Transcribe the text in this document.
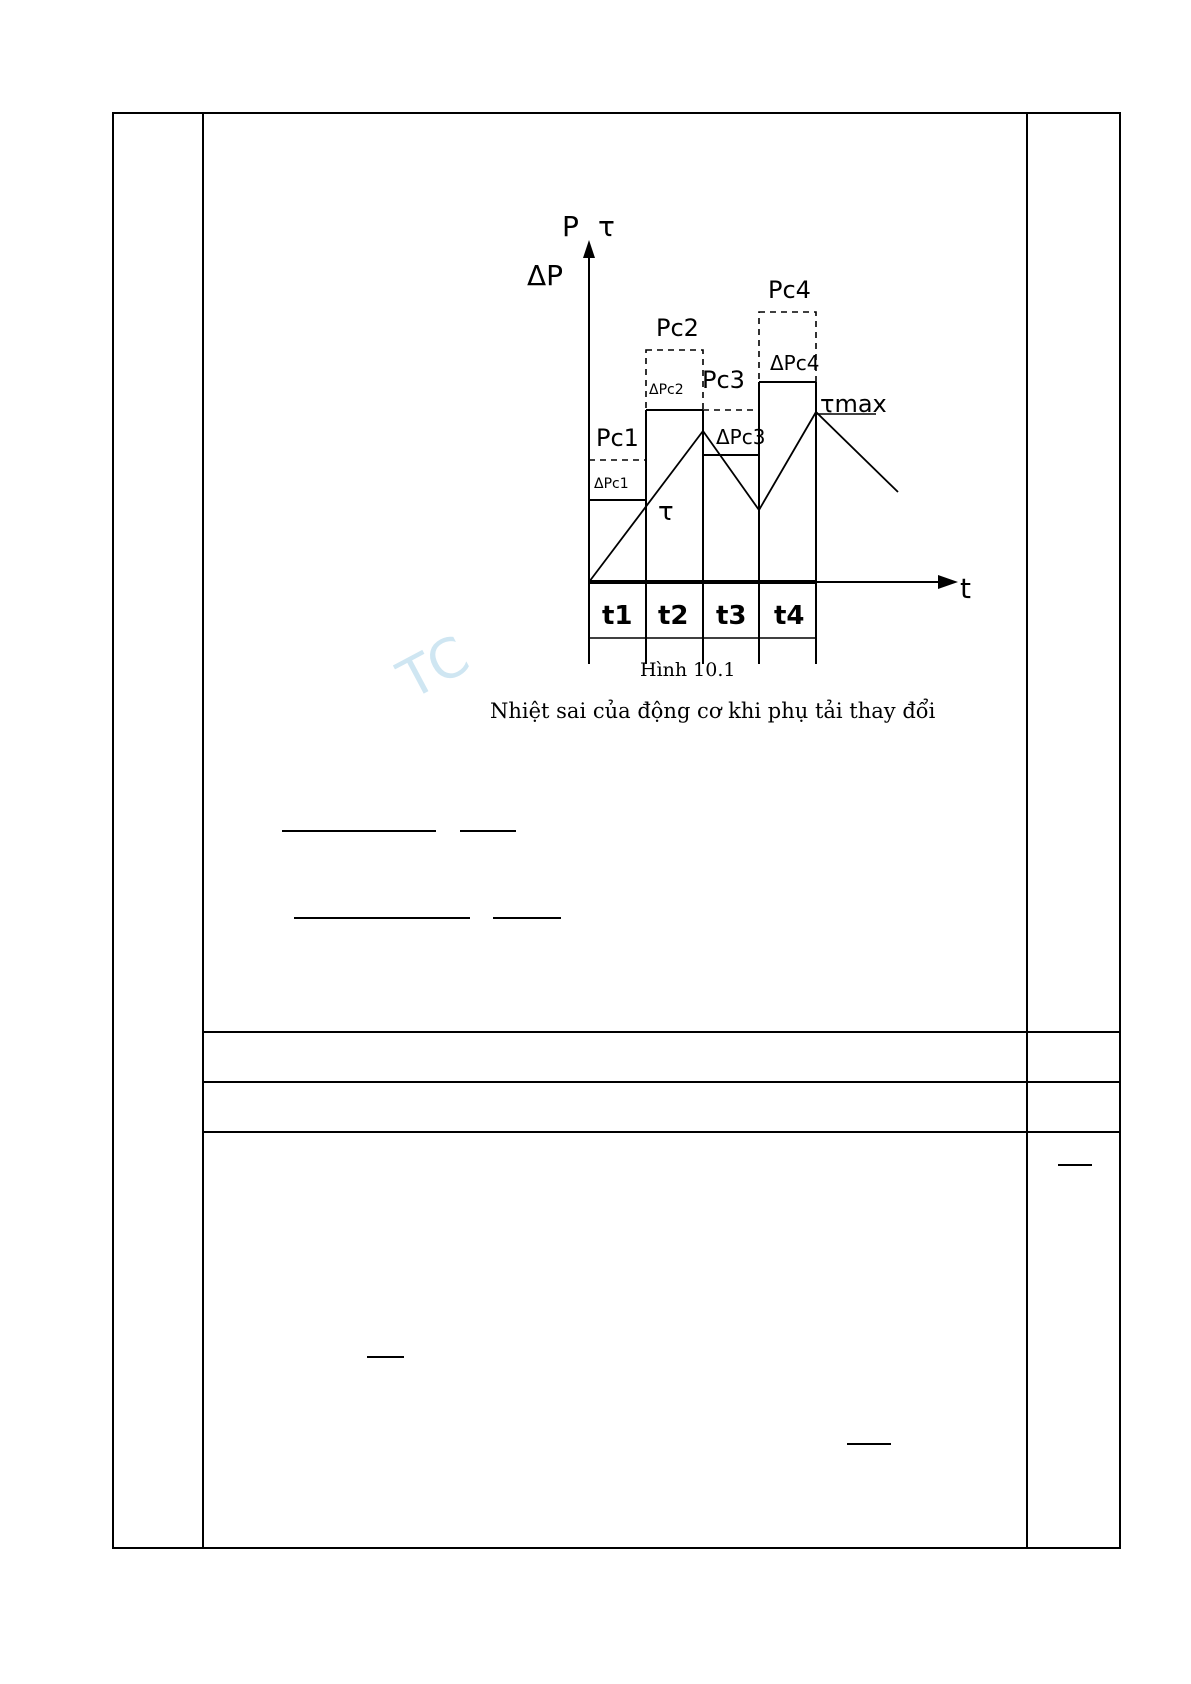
TC
P τ
ΔP
t
Pc1
Pc2
Pc3
Pc4
ΔPc1
ΔPc2
ΔPc3
ΔPc4
τ
τmax
t1 t2 t3 t4
Hình 10.1
Nhiệt sai của động cơ khi phụ tải thay đổi
